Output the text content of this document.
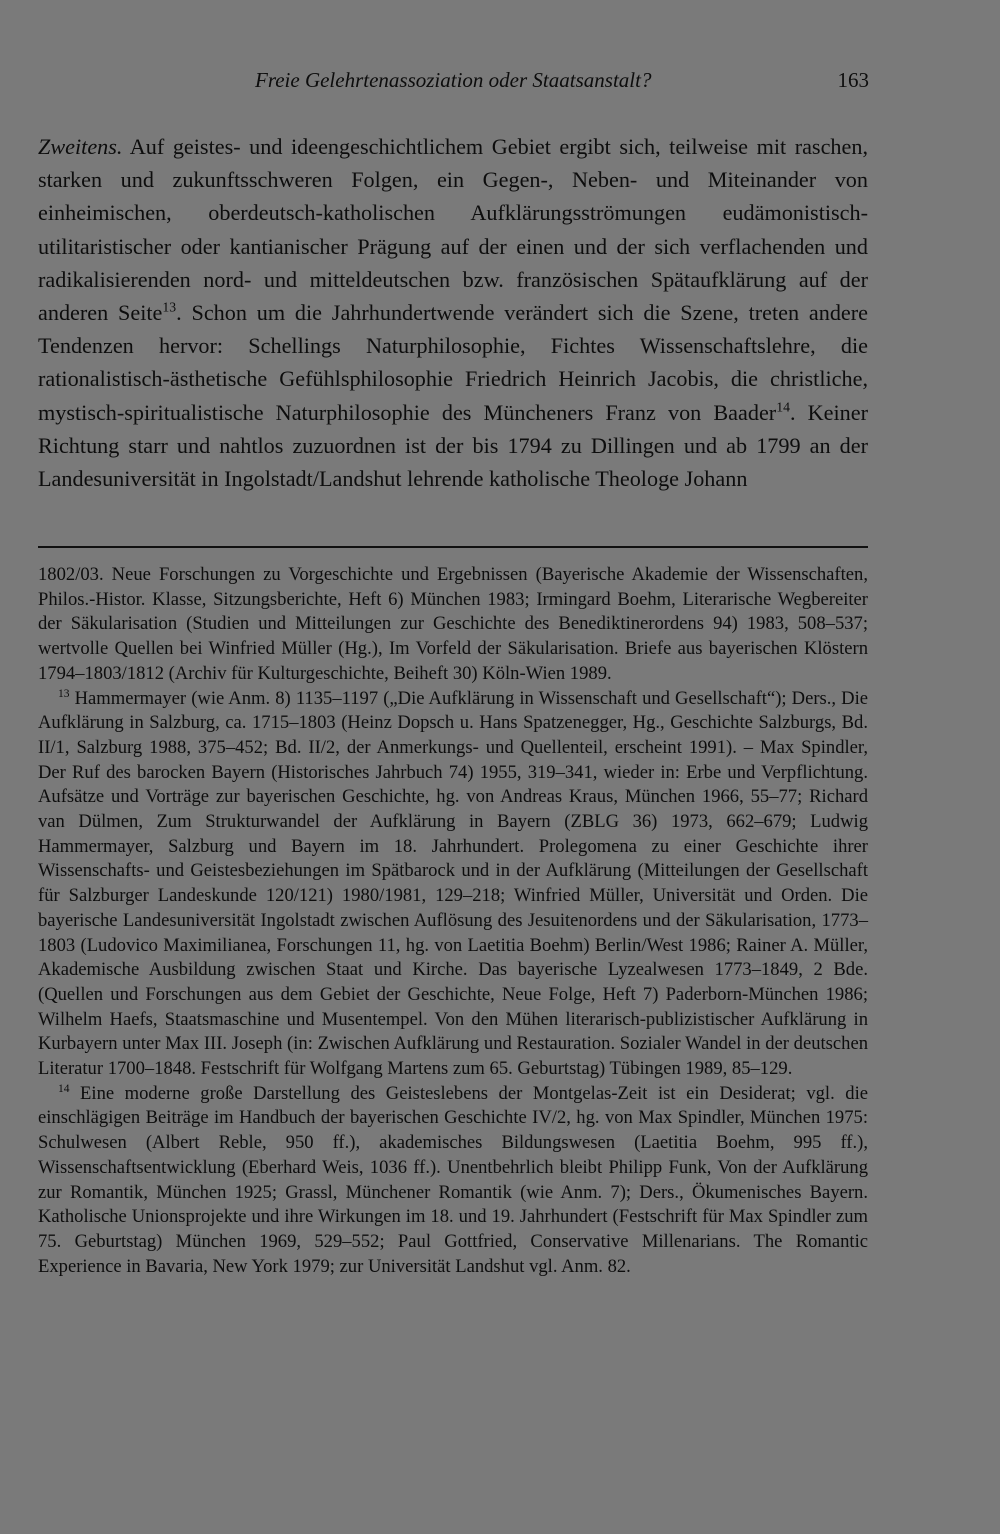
Freie Gelehrtenassoziation oder Staatsanstalt?	163
Zweitens. Auf geistes- und ideengeschichtlichem Gebiet ergibt sich, teilweise mit raschen, starken und zukunftsschweren Folgen, ein Gegen-, Neben- und Miteinander von einheimischen, oberdeutsch-katholischen Aufklärungsströmungen eudämonistisch-utilitaristischer oder kantianischer Prägung auf der einen und der sich verflachenden und radikalisierenden nord- und mitteldeutschen bzw. französischen Spätaufklärung auf der anderen Seite$^{13}$. Schon um die Jahrhundertwende verändert sich die Szene, treten andere Tendenzen hervor: Schellings Naturphilosophie, Fichtes Wissenschaftslehre, die rationalistisch-ästhetische Gefühlsphilosophie Friedrich Heinrich Jacobis, die christliche, mystisch-spiritualistische Naturphilosophie des Müncheners Franz von Baader$^{14}$. Keiner Richtung starr und nahtlos zuzuordnen ist der bis 1794 zu Dillingen und ab 1799 an der Landesuniversität in Ingolstadt/Landshut lehrende katholische Theologe Johann

1802/03. Neue Forschungen zu Vorgeschichte und Ergebnissen (Bayerische Akademie der Wissenschaften, Philos.-Histor. Klasse, Sitzungsberichte, Heft 6) München 1983; Irmingard Boehm, Literarische Wegbereiter der Säkularisation (Studien und Mitteilungen zur Geschichte des Benediktinerordens 94) 1983, 508–537; wertvolle Quellen bei Winfried Müller (Hg.), Im Vorfeld der Säkularisation. Briefe aus bayerischen Klöstern 1794–1803/1812 (Archiv für Kulturgeschichte, Beiheft 30) Köln-Wien 1989.

$^{13}$ Hammermayer (wie Anm. 8) 1135–1197 („Die Aufklärung in Wissenschaft und Gesellschaft“); Ders., Die Aufklärung in Salzburg, ca. 1715–1803 (Heinz Dopsch u. Hans Spatzenegger, Hg., Geschichte Salzburgs, Bd. II/1, Salzburg 1988, 375–452; Bd. II/2, der Anmerkungs- und Quellenteil, erscheint 1991). – Max Spindler, Der Ruf des barocken Bayern (Historisches Jahrbuch 74) 1955, 319–341, wieder in: Erbe und Verpflichtung. Aufsätze und Vorträge zur bayerischen Geschichte, hg. von Andreas Kraus, München 1966, 55–77; Richard van Dülmen, Zum Strukturwandel der Aufklärung in Bayern (ZBLG 36) 1973, 662–679; Ludwig Hammermayer, Salzburg und Bayern im 18. Jahrhundert. Prolegomena zu einer Geschichte ihrer Wissenschafts- und Geistesbeziehungen im Spätbarock und in der Aufklärung (Mitteilungen der Gesellschaft für Salzburger Landeskunde 120/121) 1980/1981, 129–218; Winfried Müller, Universität und Orden. Die bayerische Landesuniversität Ingolstadt zwischen Auflösung des Jesuitenordens und der Säkularisation, 1773–1803 (Ludovico Maximilianea, Forschungen 11, hg. von Laetitia Boehm) Berlin/West 1986; Rainer A. Müller, Akademische Ausbildung zwischen Staat und Kirche. Das bayerische Lyzealwesen 1773–1849, 2 Bde. (Quellen und Forschungen aus dem Gebiet der Geschichte, Neue Folge, Heft 7) Paderborn-München 1986; Wilhelm Haefs, Staatsmaschine und Musentempel. Von den Mühen literarisch-publizistischer Aufklärung in Kurbayern unter Max III. Joseph (in: Zwischen Aufklärung und Restauration. Sozialer Wandel in der deutschen Literatur 1700–1848. Festschrift für Wolfgang Martens zum 65. Geburtstag) Tübingen 1989, 85–129.

$^{14}$ Eine moderne große Darstellung des Geisteslebens der Montgelas-Zeit ist ein Desiderat; vgl. die einschlägigen Beiträge im Handbuch der bayerischen Geschichte IV/2, hg. von Max Spindler, München 1975: Schulwesen (Albert Reble, 950 ff.), akademisches Bildungswesen (Laetitia Boehm, 995 ff.), Wissenschaftsentwicklung (Eberhard Weis, 1036 ff.). Unentbehrlich bleibt Philipp Funk, Von der Aufklärung zur Romantik, München 1925; Grassl, Münchener Romantik (wie Anm. 7); Ders., Ökumenisches Bayern. Katholische Unionsprojekte und ihre Wirkungen im 18. und 19. Jahrhundert (Festschrift für Max Spindler zum 75. Geburtstag) München 1969, 529–552; Paul Gottfried, Conservative Millenarians. The Romantic Experience in Bavaria, New York 1979; zur Universität Landshut vgl. Anm. 82.
